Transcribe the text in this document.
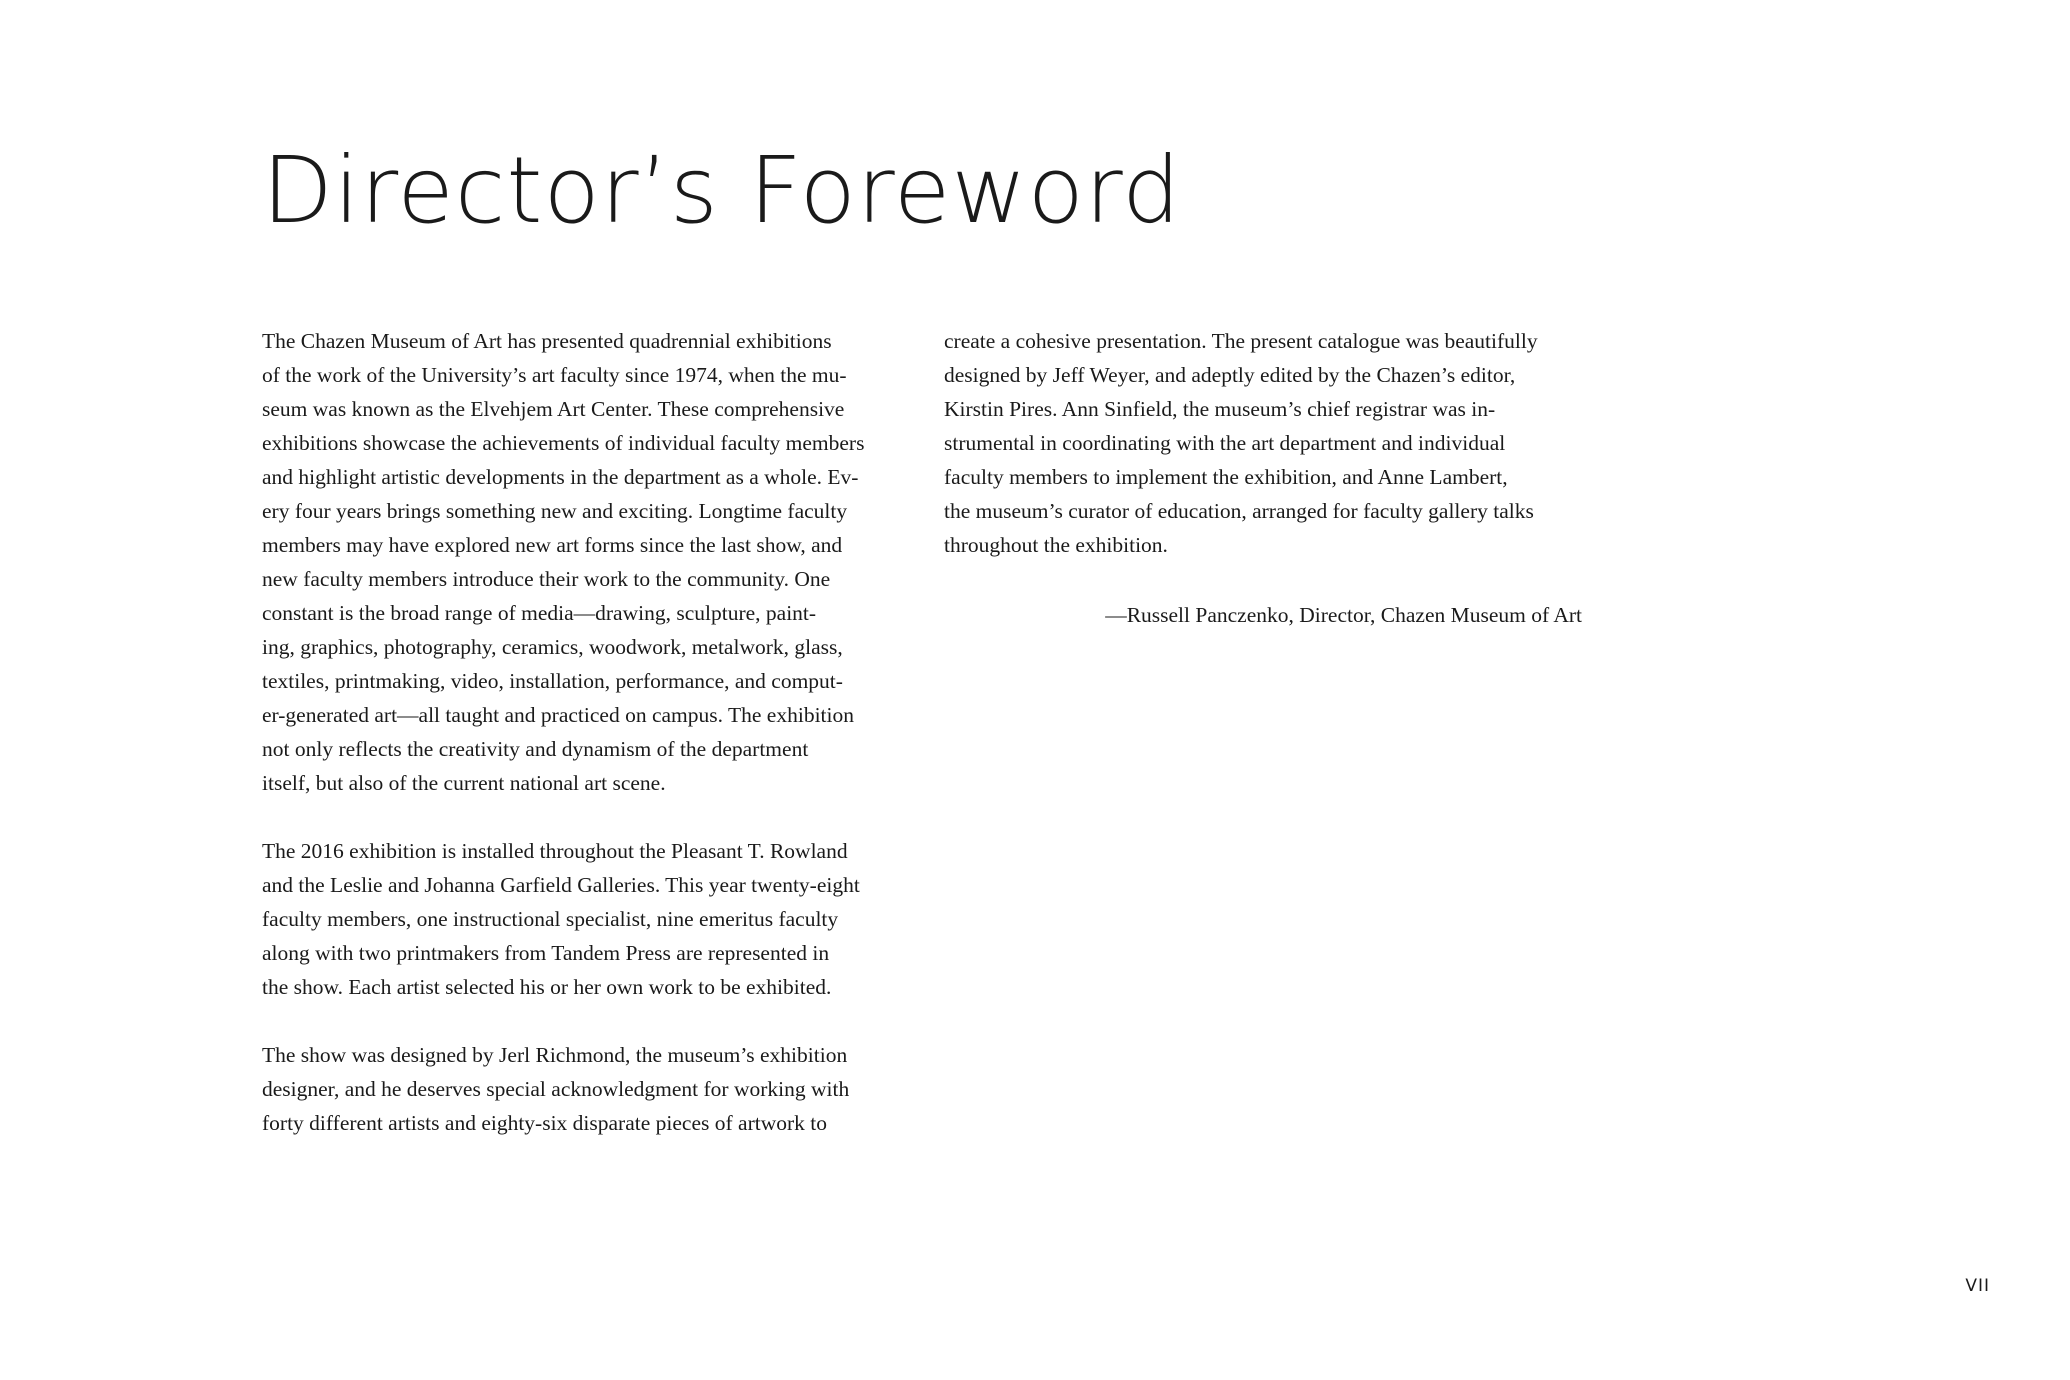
Director’s Foreword
The Chazen Museum of Art has presented quadrennial exhibitions
of the work of the University’s art faculty since 1974, when the mu-
seum was known as the Elvehjem Art Center. These comprehensive
exhibitions showcase the achievements of individual faculty members
and highlight artistic developments in the department as a whole. Ev-
ery four years brings something new and exciting. Longtime faculty
members may have explored new art forms since the last show, and
new faculty members introduce their work to the community. One
constant is the broad range of media—drawing, sculpture, paint-
ing, graphics, photography, ceramics, woodwork, metalwork, glass,
textiles, printmaking, video, installation, performance, and comput-
er-generated art—all taught and practiced on campus. The exhibition
not only reflects the creativity and dynamism of the department
itself, but also of the current national art scene.
The 2016 exhibition is installed throughout the Pleasant T. Rowland
and the Leslie and Johanna Garfield Galleries. This year twenty-eight
faculty members, one instructional specialist, nine emeritus faculty
along with two printmakers from Tandem Press are represented in
the show. Each artist selected his or her own work to be exhibited.
The show was designed by Jerl Richmond, the museum’s exhibition
designer, and he deserves special acknowledgment for working with
forty different artists and eighty-six disparate pieces of artwork to
create a cohesive presentation. The present catalogue was beautifully
designed by Jeff Weyer, and adeptly edited by the Chazen’s editor,
Kirstin Pires. Ann Sinfield, the museum’s chief registrar was in-
strumental in coordinating with the art department and individual
faculty members to implement the exhibition, and Anne Lambert,
the museum’s curator of education, arranged for faculty gallery talks
throughout the exhibition.
—Russell Panczenko, Director, Chazen Museum of Art
VII
